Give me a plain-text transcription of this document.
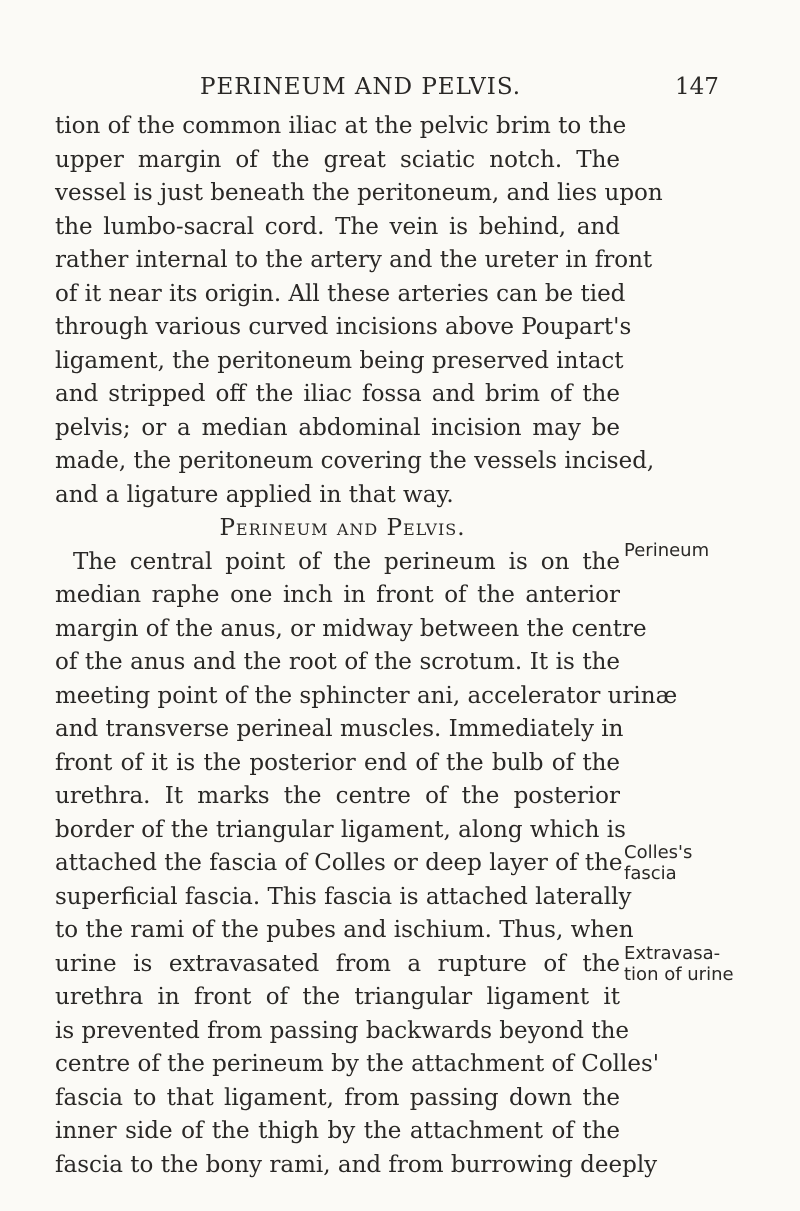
PERINEUM AND PELVIS.	147
tion of the common iliac at the pelvic brim to the
upper margin of the great sciatic notch. The
vessel is just beneath the peritoneum, and lies upon
the lumbo-sacral cord. The vein is behind, and
rather internal to the artery and the ureter in front
of it near its origin. All these arteries can be tied
through various curved incisions above Poupart's
ligament, the peritoneum being preserved intact
and stripped off the iliac fossa and brim of the
pelvis; or a median abdominal incision may be
made, the peritoneum covering the vessels incised,
and a ligature applied in that way.
Perineum and Pelvis.
The central point of the perineum is on the
median raphe one inch in front of the anterior
margin of the anus, or midway between the centre
of the anus and the root of the scrotum. It is the
meeting point of the sphincter ani, accelerator urinæ
and transverse perineal muscles. Immediately in
front of it is the posterior end of the bulb of the
urethra. It marks the centre of the posterior
border of the triangular ligament, along which is
attached the fascia of Colles or deep layer of the
superficial fascia. This fascia is attached laterally
to the rami of the pubes and ischium. Thus, when
urine is extravasated from a rupture of the
urethra in front of the triangular ligament it
is prevented from passing backwards beyond the
centre of the perineum by the attachment of Colles'
fascia to that ligament, from passing down the
inner side of the thigh by the attachment of the
fascia to the bony rami, and from burrowing deeply
Perineum
Colles's
fascia
Extravasa-
tion of urine
